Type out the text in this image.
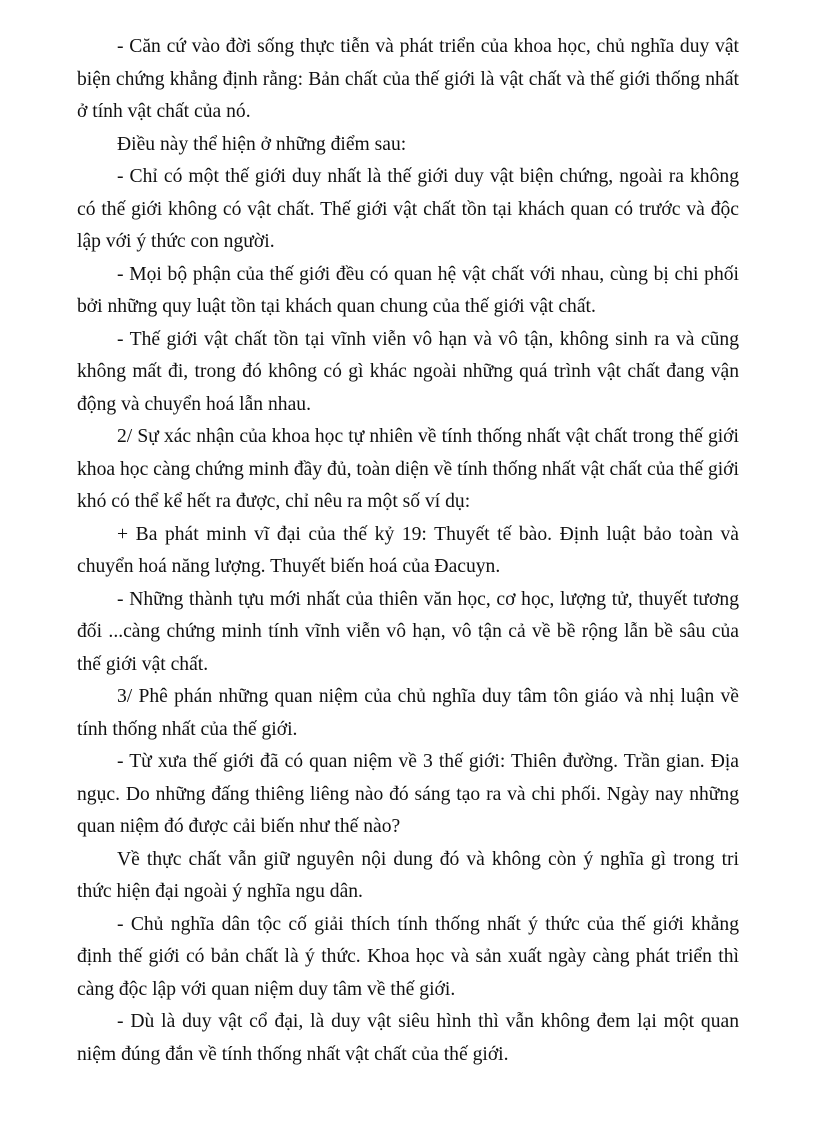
- Căn cứ vào đời sống thực tiễn và phát triển của khoa học, chủ nghĩa duy vật biện chứng khẳng định rằng: Bản chất của thế giới là vật chất và thế giới thống nhất ở tính vật chất của nó.

Điều này thể hiện ở những điểm sau:

- Chỉ có một thế giới duy nhất là thế giới duy vật biện chứng, ngoài ra không có thế giới không có vật chất. Thế giới vật chất tồn tại khách quan có trước và độc lập với ý thức con người.

- Mọi bộ phận của thế giới đều có quan hệ vật chất với nhau, cùng bị chi phối bởi những quy luật tồn tại khách quan chung của thế giới vật chất.

- Thế giới vật chất tồn tại vĩnh viễn vô hạn và vô tận, không sinh ra và cũng không mất đi, trong đó không có gì khác ngoài những quá trình vật chất đang vận động và chuyển hoá lẫn nhau.

2/ Sự xác nhận của khoa học tự nhiên về tính thống nhất vật chất trong thế giới khoa học càng chứng minh đầy đủ, toàn diện về tính thống nhất vật chất của thế giới khó có thể kể hết ra được, chỉ nêu ra một số ví dụ:

+ Ba phát minh vĩ đại của thế kỷ 19: Thuyết tế bào. Định luật bảo toàn và chuyển hoá năng lượng. Thuyết biến hoá của Đacuyn.

- Những thành tựu mới nhất của thiên văn học, cơ học, lượng tử, thuyết tương đối ...càng chứng minh tính vĩnh viễn vô hạn, vô tận cả về bề rộng lẫn bề sâu của thế giới vật chất.

3/ Phê phán những quan niệm của chủ nghĩa duy tâm tôn giáo và nhị luận về tính thống nhất của thế giới.

- Từ xưa thế giới đã có quan niệm về 3 thế giới: Thiên đường. Trần gian. Địa ngục. Do những đấng thiêng liêng nào đó sáng tạo ra và chi phối. Ngày nay những quan niệm đó được cải biến như thế nào?

Về thực chất vẫn giữ nguyên nội dung đó và không còn ý nghĩa gì trong tri thức hiện đại ngoài ý nghĩa ngu dân.

- Chủ nghĩa dân tộc cố giải thích tính thống nhất ý thức của thế giới khẳng định thế giới có bản chất là ý thức. Khoa học và sản xuất ngày càng phát triển thì càng độc lập với quan niệm duy tâm về thế giới.

- Dù là duy vật cổ đại, là duy vật siêu hình thì vẫn không đem lại một quan niệm đúng đắn về tính thống nhất vật chất của thế giới.
